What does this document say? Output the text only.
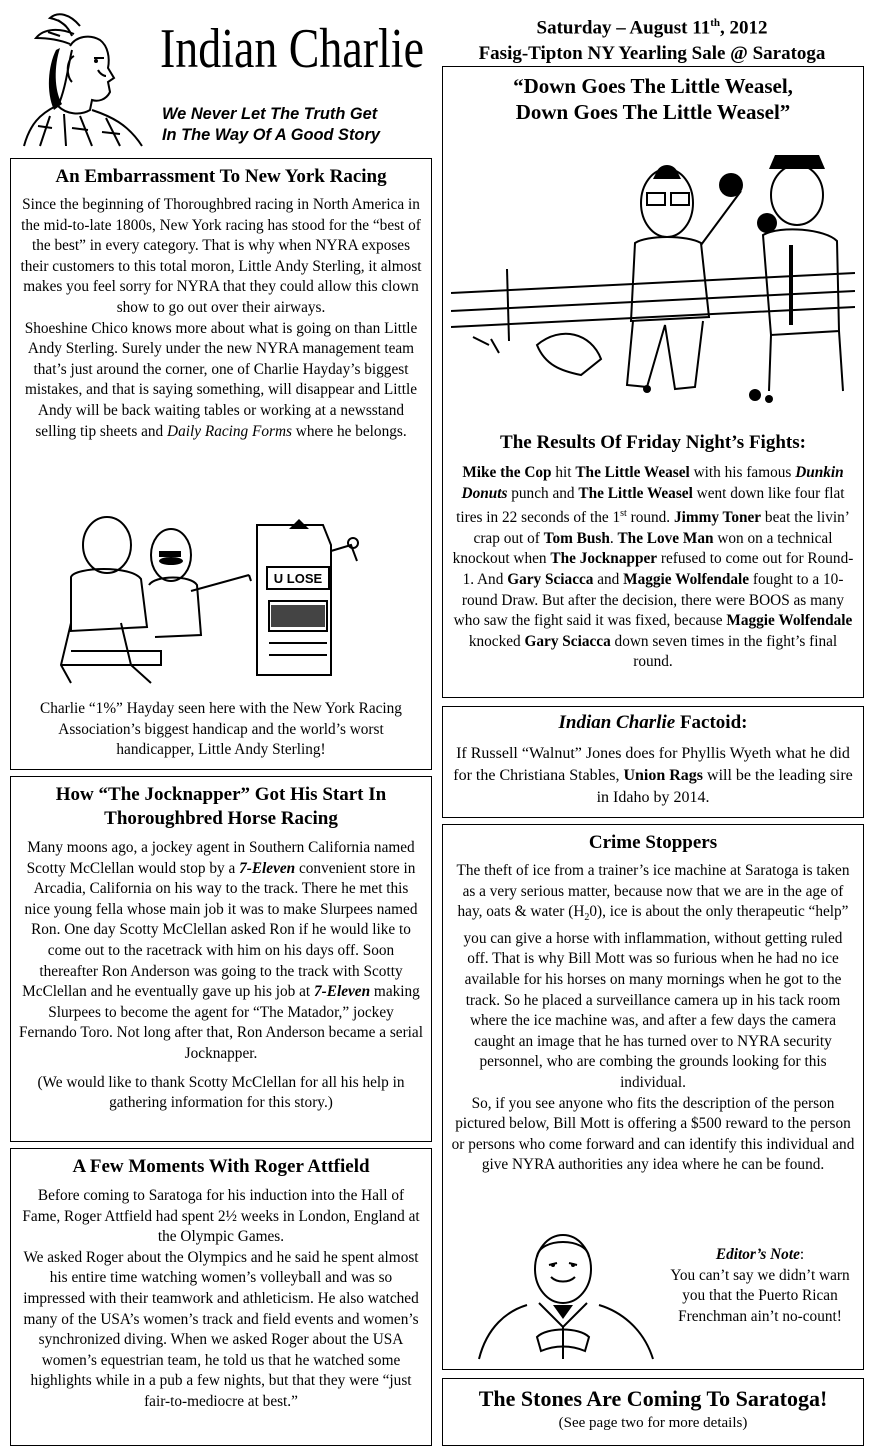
Indian Charlie
We Never Let The Truth Get
In The Way Of A Good Story
Saturday – August 11th, 2012
Fasig-Tipton NY Yearling Sale @ Saratoga
An Embarrassment To New York Racing

Since the beginning of Thoroughbred racing in North America in the mid-to-late 1800s, New York racing has stood for the “best of the best” in every category. That is why when NYRA exposes their customers to this total moron, Little Andy Sterling, it almost makes you feel sorry for NYRA that they could allow this clown show to go out over their airways.

Shoeshine Chico knows more about what is going on than Little Andy Sterling. Surely under the new NYRA management team that’s just around the corner, one of Charlie Hayday’s biggest mistakes, and that is saying something, will disappear and Little Andy will be back waiting tables or working at a newsstand selling tip sheets and Daily Racing Forms where he belongs.

U LOSE
Charlie “1%” Hayday seen here with the New York Racing Association’s biggest handicap and the world’s worst handicapper, Little Andy Sterling!
How “The Jocknapper” Got His Start In
Thoroughbred Horse Racing

Many moons ago, a jockey agent in Southern California named Scotty McClellan would stop by a 7-Eleven convenient store in Arcadia, California on his way to the track. There he met this nice young fella whose main job it was to make Slurpees named Ron. One day Scotty McClellan asked Ron if he would like to come out to the racetrack with him on his days off. Soon thereafter Ron Anderson was going to the track with Scotty McClellan and he eventually gave up his job at 7-Eleven making Slurpees to become the agent for “The Matador,” jockey Fernando Toro. Not long after that, Ron Anderson became a serial Jocknapper.

(We would like to thank Scotty McClellan for all his help in gathering information for this story.)

A Few Moments With Roger Attfield

Before coming to Saratoga for his induction into the Hall of Fame, Roger Attfield had spent 2½ weeks in London, England at the Olympic Games.

We asked Roger about the Olympics and he said he spent almost his entire time watching women’s volleyball and was so impressed with their teamwork and athleticism. He also watched many of the USA’s women’s track and field events and women’s synchronized diving. When we asked Roger about the USA women’s equestrian team, he told us that he watched some highlights while in a pub a few nights, but that they were “just fair-to-mediocre at best.”

“Down Goes The Little Weasel,
Down Goes The Little Weasel”
The Results Of Friday Night’s Fights:
Mike the Cop hit The Little Weasel with his famous Dunkin Donuts punch and The Little Weasel went down like four flat tires in 22 seconds of the 1st round. Jimmy Toner beat the livin’ crap out of Tom Bush. The Love Man won on a technical knockout when The Jocknapper refused to come out for Round-1. And Gary Sciacca and Maggie Wolfendale fought to a 10-round Draw. But after the decision, there were BOOS as many who saw the fight said it was fixed, because Maggie Wolfendale knocked Gary Sciacca down seven times in the fight’s final round.
Indian Charlie Factoid:
If Russell “Walnut” Jones does for Phyllis Wyeth what he did for the Christiana Stables, Union Rags will be the leading sire in Idaho by 2014.
Crime Stoppers

The theft of ice from a trainer’s ice machine at Saratoga is taken as a very serious matter, because now that we are in the age of hay, oats & water $(H_20)$, ice is about the only therapeutic “help” you can give a horse with inflammation, without getting ruled off. That is why Bill Mott was so furious when he had no ice available for his horses on many mornings when he got to the track. So he placed a surveillance camera up in his tack room where the ice machine was, and after a few days the camera caught an image that he has turned over to NYRA security personnel, who are combing the grounds looking for this individual.

So, if you see anyone who fits the description of the person pictured below, Bill Mott is offering a $500 reward to the person or persons who come forward and can identify this individual and give NYRA authorities any idea where he can be found.

Editor’s Note:
You can’t say we didn’t warn you that the Puerto Rican Frenchman ain’t no-count!
The Stones Are Coming To Saratoga!
(See page two for more details)
